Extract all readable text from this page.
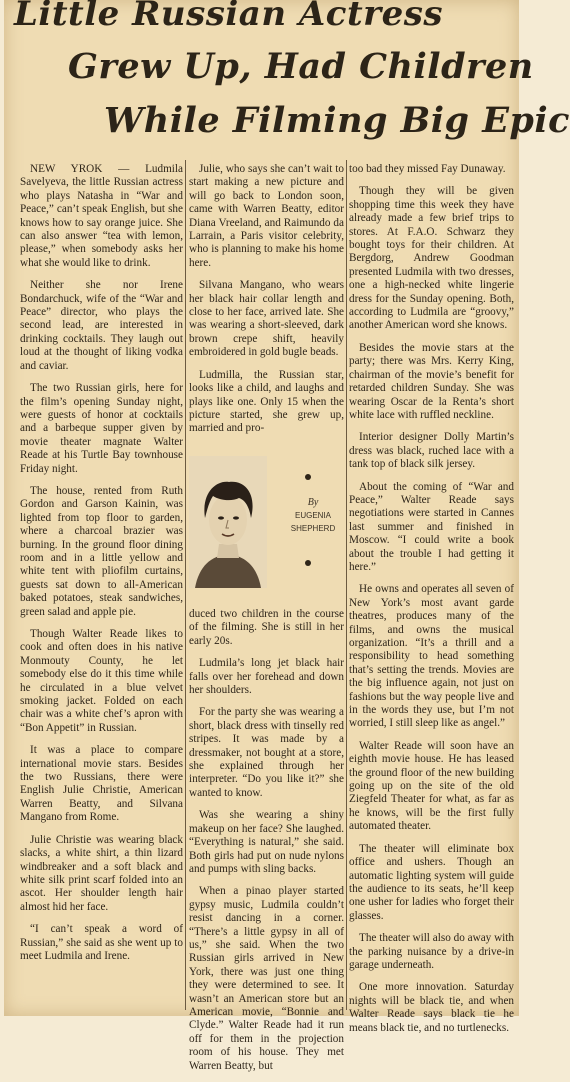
Little Russian Actress
Grew Up, Had Children
While Filming Big Epic

NEW YROK — Ludmila Savelyeva, the little Russian actress who plays Natasha in “War and Peace,” can’t speak English, but she knows how to say orange juice. She can also answer “tea with lemon, please,” when somebody asks her what she would like to drink.

Neither she nor Irene Bondarchuck, wife of the “War and Peace” director, who plays the second lead, are interested in drinking cocktails. They laugh out loud at the thought of liking vodka and caviar.

The two Russian girls, here for the film’s opening Sunday night, were guests of honor at cocktails and a barbeque supper given by movie theater magnate Walter Reade at his Turtle Bay townhouse Friday night.

The house, rented from Ruth Gordon and Garson Kainin, was lighted from top floor to garden, where a charcoal brazier was burning. In the ground floor dining room and in a little yellow and white tent with pliofilm curtains, guests sat down to all-American baked potatoes, steak sandwiches, green salad and apple pie.

Though Walter Reade likes to cook and often does in his native Monmouty County, he let somebody else do it this time while he circulated in a blue velvet smoking jacket. Folded on each chair was a white chef’s apron with “Bon Appetit” in Russian.

It was a place to compare international movie stars. Besides the two Russians, there were English Julie Christie, American Warren Beatty, and Silvana Mangano from Rome.

Julie Christie was wearing black slacks, a white shirt, a thin lizard windbreaker and a soft black and white silk print scarf folded into an ascot. Her shoulder length hair almost hid her face.

“I can’t speak a word of Russian,” she said as she went up to meet Ludmila and Irene.

Julie, who says she can’t wait to start making a new picture and will go back to London soon, came with Warren Beatty, editor Diana Vreeland, and Raimundo da Larrain, a Paris visitor celebrity, who is planning to make his home here.

Silvana Mangano, who wears her black hair collar length and close to her face, arrived late. She was wearing a short-sleeved, dark brown crepe shift, heavily embroidered in gold bugle beads.

Ludmilla, the Russian star, looks like a child, and laughs and plays like one. Only 15 when the picture started, she grew up, married and pro-

By
EUGENIA
SHEPHERD

duced two children in the course of the filming. She is still in her early 20s.

Ludmila’s long jet black hair falls over her forehead and down her shoulders.

For the party she was wearing a short, black dress with tinselly red stripes. It was made by a dressmaker, not bought at a store, she explained through her interpreter. “Do you like it?” she wanted to know.

Was she wearing a shiny makeup on her face? She laughed. “Everything is natural,” she said. Both girls had put on nude nylons and pumps with sling backs.

When a pinao player started gypsy music, Ludmila couldn’t resist dancing in a corner. “There’s a little gypsy in all of us,” she said. When the two Russian girls arrived in New York, there was just one thing they were determined to see. It wasn’t an American store but an American movie, “Bonnie and Clyde.” Walter Reade had it run off for them in the projection room of his house. They met Warren Beatty, but

too bad they missed Fay Dunaway.

Though they will be given shopping time this week they have already made a few brief trips to stores. At F.A.O. Schwarz they bought toys for their children. At Bergdorg, Andrew Goodman presented Ludmila with two dresses, one a high-necked white lingerie dress for the Sunday opening. Both, according to Ludmila are “groovy,” another American word she knows.

Besides the movie stars at the party; there was Mrs. Kerry King, chairman of the movie’s benefit for retarded children Sunday. She was wearing Oscar de la Renta’s short white lace with ruffled neckline.

Interior designer Dolly Martin’s dress was black, ruched lace with a tank top of black silk jersey.

About the coming of “War and Peace,” Walter Reade says negotiations were started in Cannes last summer and finished in Moscow. “I could write a book about the trouble I had getting it here.”

He owns and operates all seven of New York’s most avant garde theatres, produces many of the films, and owns the musical organization. “It’s a thrill and a responsibility to head something that’s setting the trends. Movies are the big influence again, not just on fashions but the way people live and in the words they use, but I’m not worried, I still sleep like as angel.”

Walter Reade will soon have an eighth movie house. He has leased the ground floor of the new building going up on the site of the old Ziegfeld Theater for what, as far as he knows, will be the first fully automated theater.

The theater will eliminate box office and ushers. Though an automatic lighting system will guide the audience to its seats, he’ll keep one usher for ladies who forget their glasses.

The theater will also do away with the parking nuisance by a drive-in garage underneath.

One more innovation. Saturday nights will be black tie, and when Walter Reade says black tie he means black tie, and no turtlenecks.
